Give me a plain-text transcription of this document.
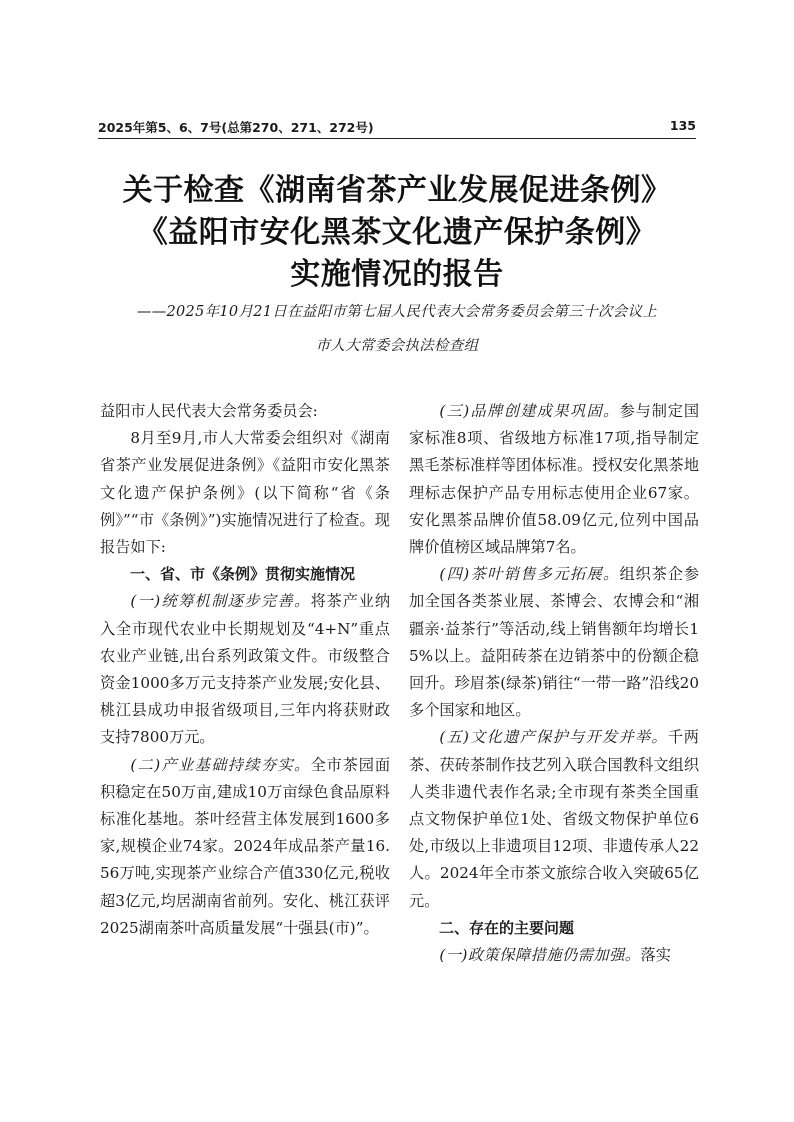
2025年第5、6、7号(总第270、271、272号)	135
关于检查《湖南省茶产业发展促进条例》
《益阳市安化黑茶文化遗产保护条例》
实施情况的报告
——2025年10月21日在益阳市第七届人民代表大会常务委员会第三十次会议上
市人大常委会执法检查组

益阳市人民代表大会常务委员会:

8月至9月,市人大常委会组织对《湖南省茶产业发展促进条例》《益阳市安化黑茶文化遗产保护条例》(以下简称“省《条例》”“市《条例》”)实施情况进行了检查。现报告如下:

一、省、市《条例》贯彻实施情况

(一)统筹机制逐步完善。将茶产业纳入全市现代农业中长期规划及“4+N”重点农业产业链,出台系列政策文件。市级整合资金1000多万元支持茶产业发展;安化县、桃江县成功申报省级项目,三年内将获财政支持7800万元。

(二)产业基础持续夯实。全市茶园面积稳定在50万亩,建成10万亩绿色食品原料标准化基地。茶叶经营主体发展到1600多家,规模企业74家。2024年成品茶产量16.56万吨,实现茶产业综合产值330亿元,税收超3亿元,均居湖南省前列。安化、桃江获评2025湖南茶叶高质量发展“十强县(市)”。

(三)品牌创建成果巩固。参与制定国家标准8项、省级地方标准17项,指导制定黑毛茶标准样等团体标准。授权安化黑茶地理标志保护产品专用标志使用企业67家。安化黑茶品牌价值58.09亿元,位列中国品牌价值榜区域品牌第7名。

(四)茶叶销售多元拓展。组织茶企参加全国各类茶业展、茶博会、农博会和“湘疆亲·益茶行”等活动,线上销售额年均增长15%以上。益阳砖茶在边销茶中的份额企稳回升。珍眉茶(绿茶)销往“一带一路”沿线20多个国家和地区。

(五)文化遗产保护与开发并举。千两茶、茯砖茶制作技艺列入联合国教科文组织人类非遗代表作名录;全市现有茶类全国重点文物保护单位1处、省级文物保护单位6处,市级以上非遗项目12项、非遗传承人22人。2024年全市茶文旅综合收入突破65亿元。

二、存在的主要问题

(一)政策保障措施仍需加强。落实
